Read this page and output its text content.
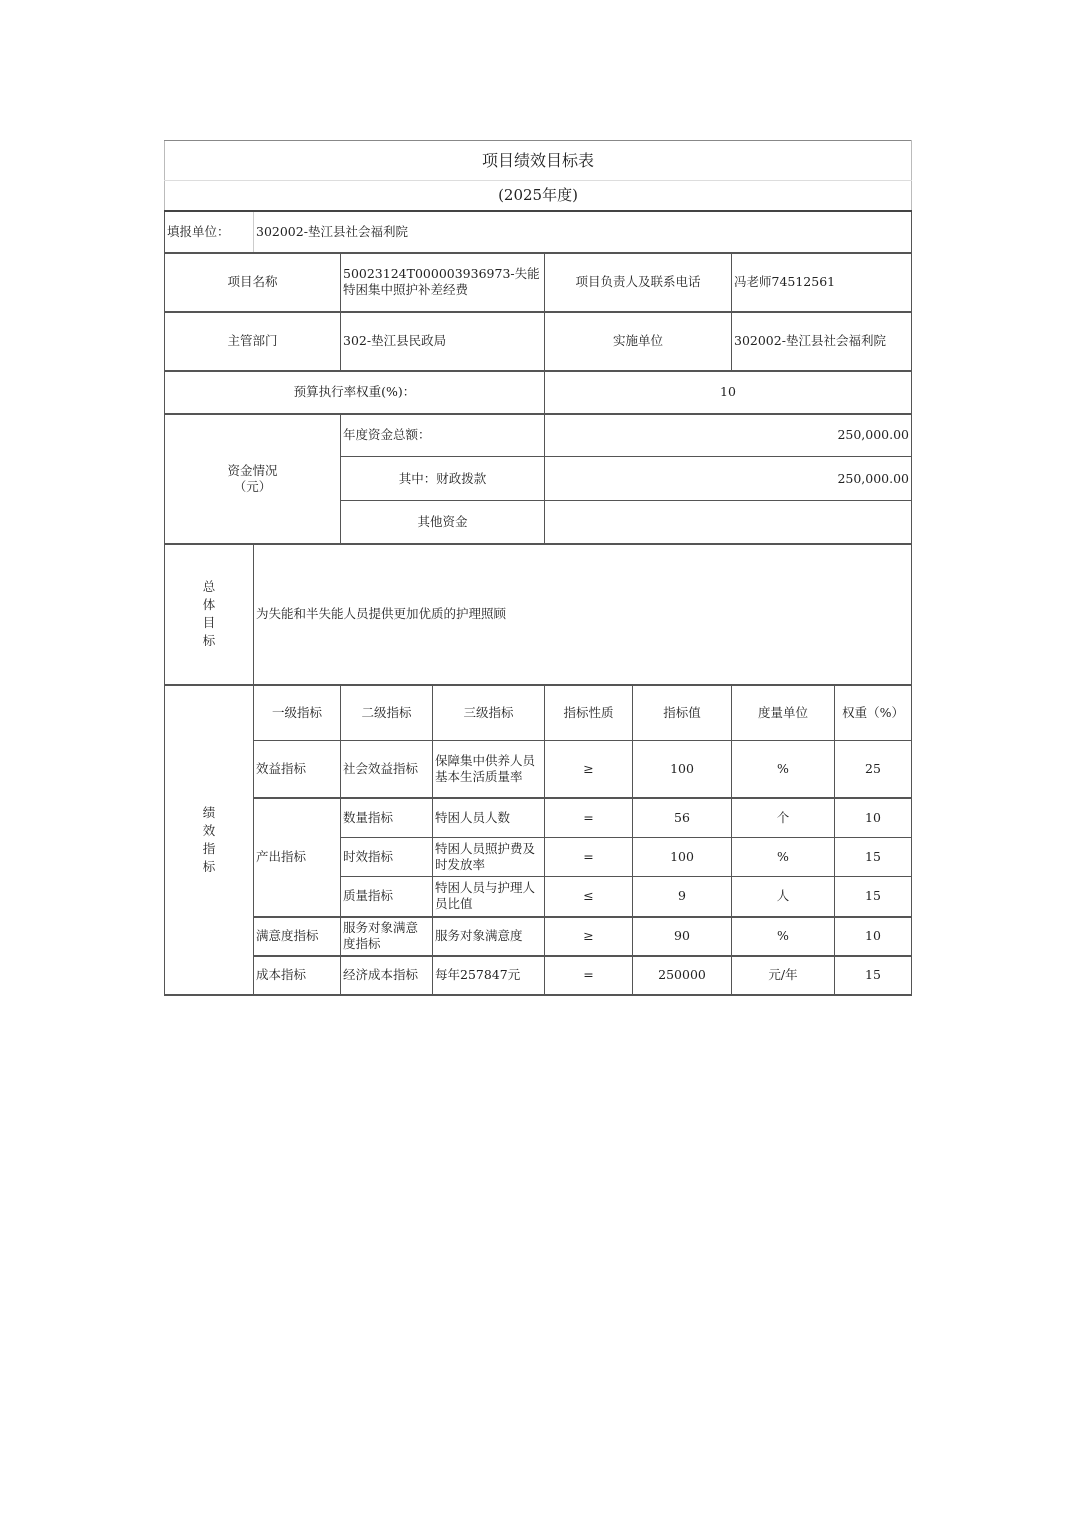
项目绩效目标表							
(2025年度)							
填报单位：	302002-垫江县社会福利院						
项目名称		50023124T000003936973-失能特困集中照护补差经费		项目负责人及联系电话		冯老师74512561	
主管部门		302-垫江县民政局		实施单位		302002-垫江县社会福利院	
预算执行率权重(%)：				10			

资金情况（元）		年度资金总额：		250,000.00			
		其中：财政拨款		250,000.00			
		其他资金					

总体目标	为失能和半失能人员提供更加优质的护理照顾						

绩效指标	一级指标	二级指标	三级指标	指标性质	指标值	度量单位	权重（%）
	效益指标	社会效益指标	保障集中供养人员基本生活质量率	≥	100	%	25
	产出指标	数量指标	特困人员人数	=	56	个	10
		时效指标	特困人员照护费及时发放率	=	100	%	15
		质量指标	特困人员与护理人员比值	≤	9	人	15
	满意度指标	服务对象满意度指标	服务对象满意度	≥	90	%	10
	成本指标	经济成本指标	每年257847元	=	250000	元/年	15
